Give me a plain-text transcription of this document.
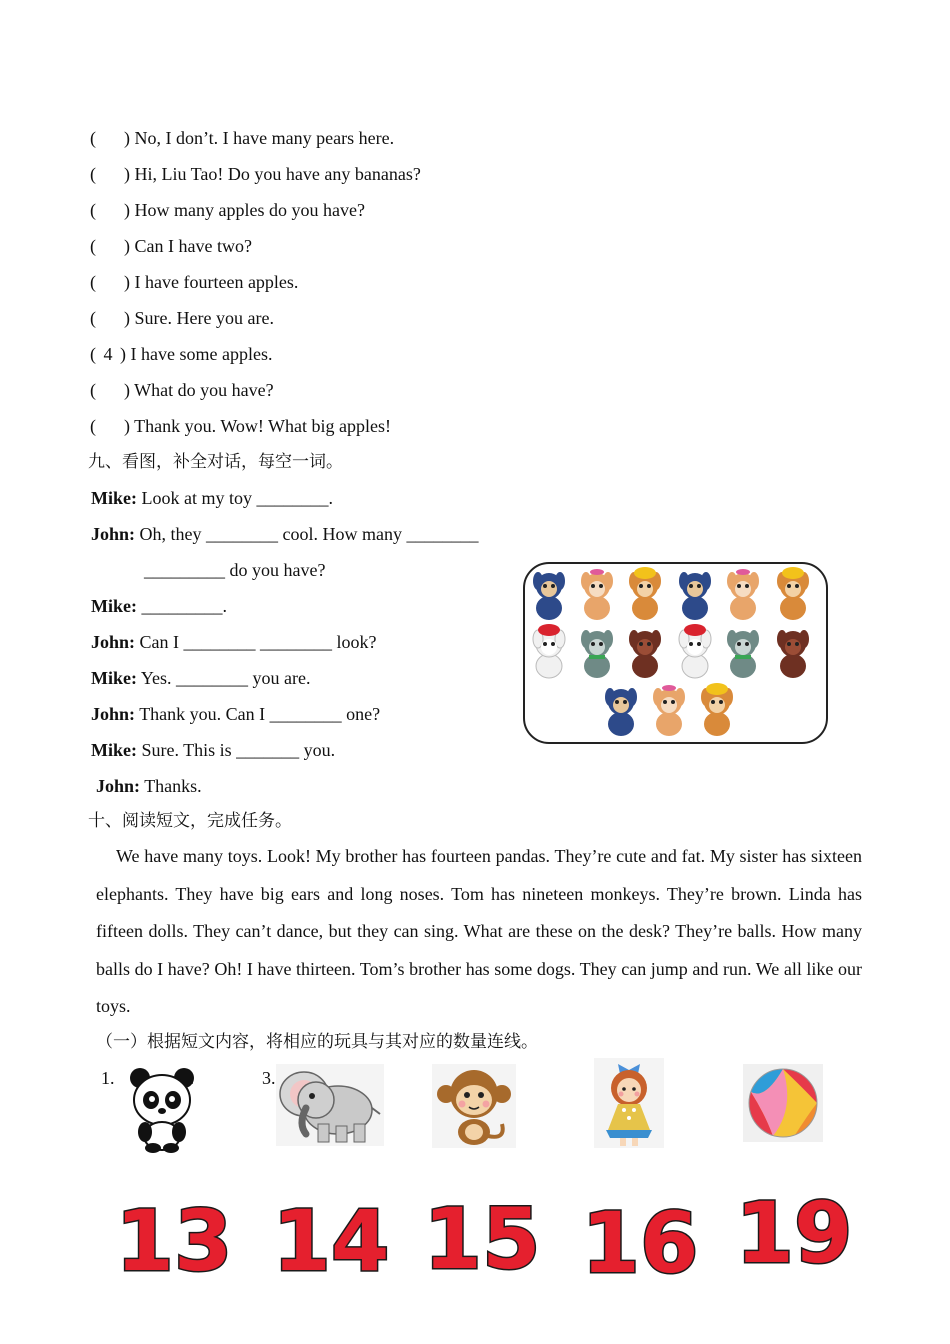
( ) No, I don’t. I have many pears here.
( ) Hi, Liu Tao! Do you have any bananas?
( ) How many apples do you have?
( ) Can I have two?
( ) I have fourteen apples.
( ) Sure. Here you are.
( 4 ) I have some apples.
( ) What do you have?
( ) Thank you. Wow! What big apples!
九、看图，补全对话，每空一词。
Mike: Look at my toy ________.
John: Oh, they ________ cool. How many ________
_________ do you have?
Mike: _________.
John: Can I ________ ________ look?
Mike: Yes. ________ you are.
John: Thank you. Can I ________ one?
Mike: Sure. This is _______ you.
John: Thanks.
十、阅读短文，完成任务。
We have many toys. Look! My brother has fourteen pandas. They’re cute and fat. My sister has sixteen elephants. They have big ears and long noses. Tom has nineteen monkeys. They’re brown. Linda has fifteen dolls. They can’t dance, but they can sing. What are these on the desk? They’re balls. How many balls do I have? Oh! I have thirteen. Tom’s brother has some dogs. They can jump and run. We all like our toys.
（一）根据短文内容，将相应的玩具与其对应的数量连线。
1.	3.
.
13 14 15 16 19
